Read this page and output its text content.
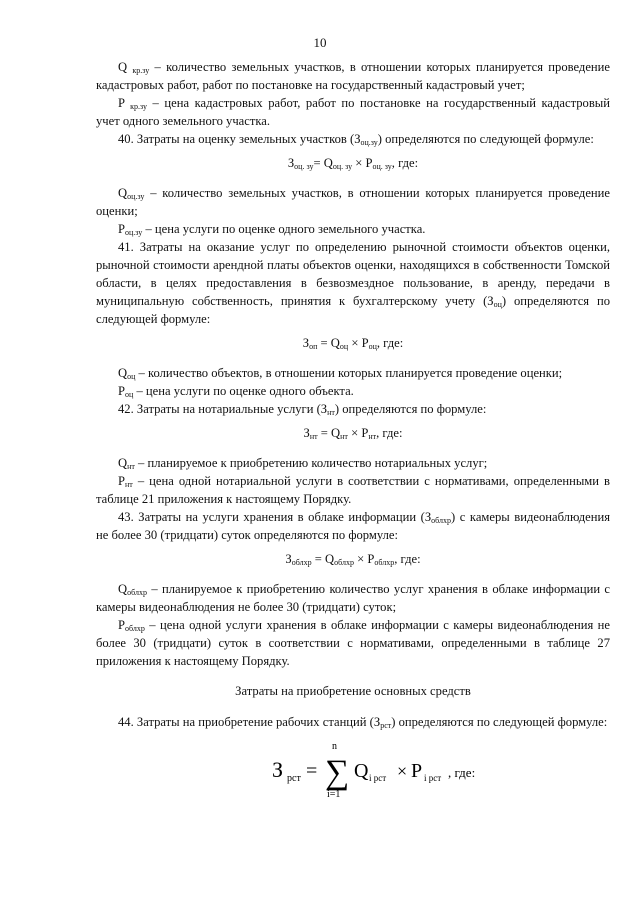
10

Q $_{кр.зу}$ – количество земельных участков, в отношении которых планируется проведение кадастровых работ, работ по постановке на государственный кадастровый учет;

P $_{кр.зу}$ – цена кадастровых работ, работ по постановке на государственный кадастровый учет одного земельного участка.

40. Затраты на оценку земельных участков $(З_{оц.зу})$ определяются по следующей формуле:

$З_{оц. зу}= Q_{оц. зу} \times P_{оц. зу}$, где:

$Q_{оц.зу}$ – количество земельных участков, в отношении которых планируется проведение оценки;

$P_{оц.зу}$ – цена услуги по оценке одного земельного участка.

41. Затраты на оказание услуг по определению рыночной стоимости объектов оценки, рыночной стоимости арендной платы объектов оценки, находящихся в собственности Томской области, в целях предоставления в безвозмездное пользование, в аренду, передачи в муниципальную собственность, принятия к бухгалтерскому учету $(З_{оц})$ определяются по следующей формуле:

$З_{оп} = Q_{оц} \times P_{оц}$, где:

$Q_{оц}$ – количество объектов, в отношении которых планируется проведение оценки;

$P_{оц}$ – цена услуги по оценке одного объекта.

42. Затраты на нотариальные услуги $(З_{нт})$ определяются по формуле:

$З_{нт} = Q_{нт} \times P_{нт}$, где:

$Q_{нт}$ – планируемое к приобретению количество нотариальных услуг;

$P_{нт}$ – цена одной нотариальной услуги в соответствии с нормативами, определенными в таблице 21 приложения к настоящему Порядку.

43. Затраты на услуги хранения в облаке информации $(З_{облхр})$ с камеры видеонаблюдения не более 30 (тридцати) суток определяются по формуле:

$З_{облхр} = Q_{облхр} \times P_{облхр}$, где:

$Q_{облхр}$ – планируемое к приобретению количество услуг хранения в облаке информации с камеры видеонаблюдения не более 30 (тридцати) суток;

$P_{облхр}$ – цена одной услуги хранения в облаке информации с камеры видеонаблюдения не более 30 (тридцати) суток в соответствии с нормативами, определенными в таблице 27 приложения к настоящему Порядку.

Затраты на приобретение основных средств

44. Затраты на приобретение рабочих станций $(З_{рст})$ определяются по следующей формуле:

З рст = ∑
n
i=1
Q i рст × P i рст , где:
